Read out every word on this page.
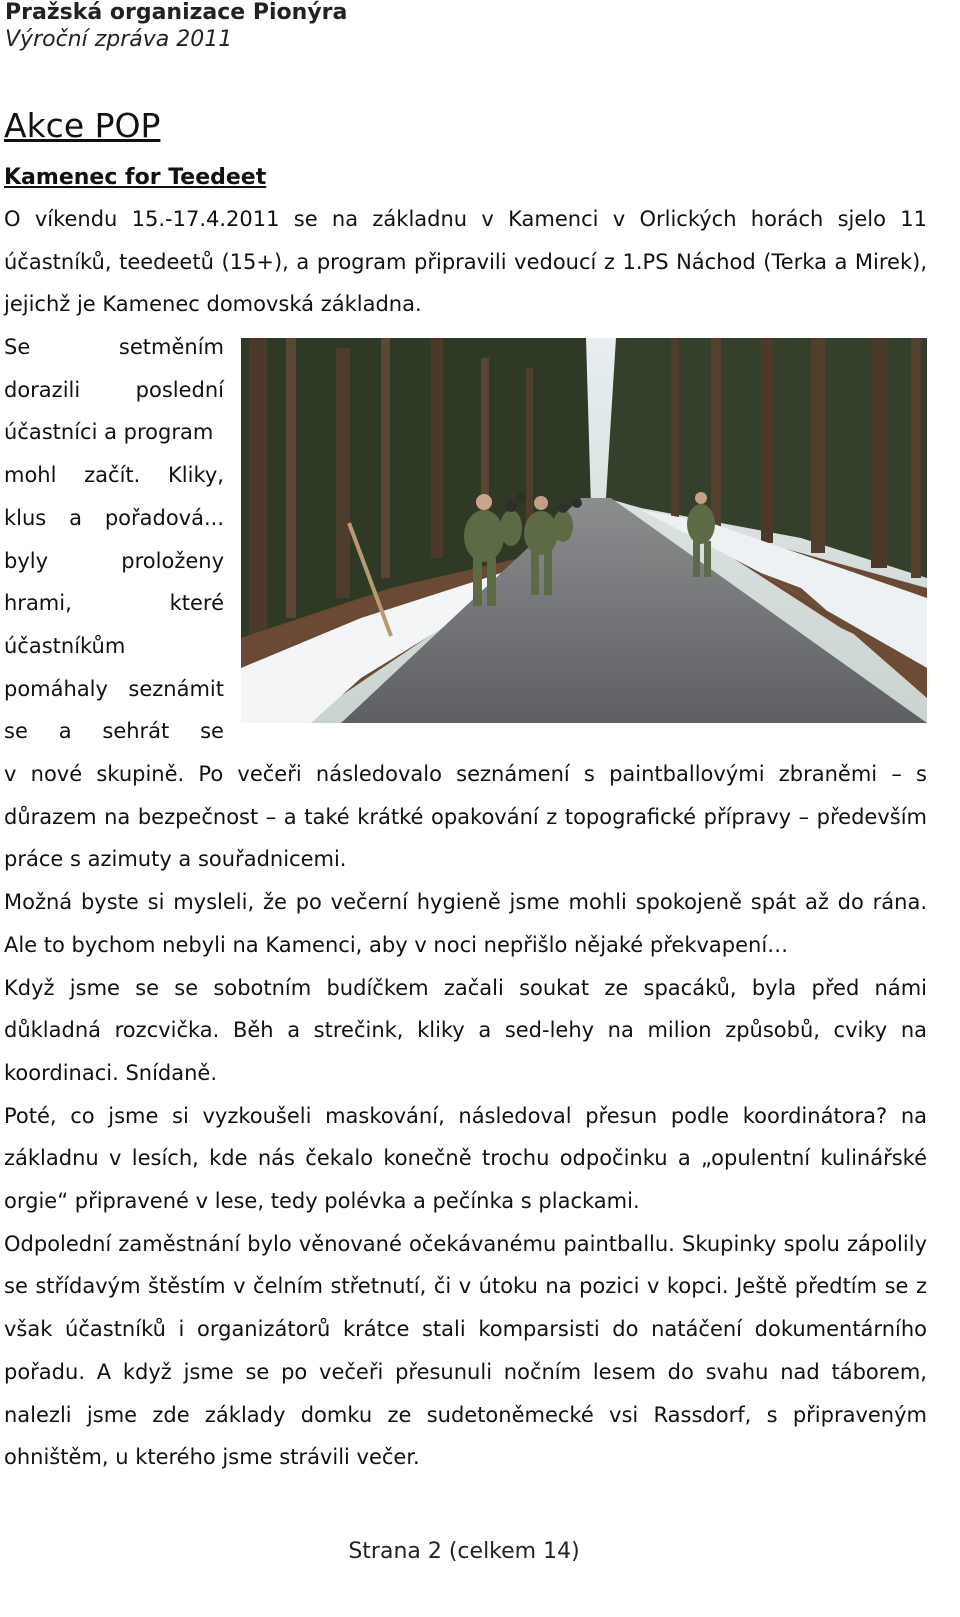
Pražská organizace Pionýra
Výroční zpráva 2011
Akce POP
Kamenec for Teedeet

O víkendu 15.-17.4.2011 se na základnu v Kamenci v Orlických horách sjelo 11 účastníků, teedeetů (15+), a program připravili vedoucí z 1.PS Náchod (Terka a Mirek), jejichž je Kamenec domovská základna.

Se	setměním
dorazili	poslední
účastníci a program
mohl začít. Kliky,
klus a pořadová...
byly	proloženy
hrami,	které
účastníkům
pomáhaly seznámit
se a sehrát se

v nové skupině. Po večeři následovalo seznámení s paintballovými zbraněmi – s důrazem na bezpečnost – a také krátké opakování z topografické přípravy – především práce s azimuty a souřadnicemi.

Možná byste si mysleli, že po večerní hygieně jsme mohli spokojeně spát až do rána. Ale to bychom nebyli na Kamenci, aby v noci nepřišlo nějaké překvapení…

Když jsme se se sobotním budíčkem začali soukat ze spacáků, byla před námi důkladná rozcvička. Běh a strečink, kliky a sed-lehy na milion způsobů, cviky na koordinaci. Snídaně.

Poté, co jsme si vyzkoušeli maskování, následoval přesun podle koordinátora? na základnu v lesích, kde nás čekalo konečně trochu odpočinku a „opulentní kulinářské orgie“ připravené v lese, tedy polévka a pečínka s plackami.

Odpolední zaměstnání bylo věnované očekávanému paintballu. Skupinky spolu zápolily se střídavým štěstím v čelním střetnutí, či v útoku na pozici v kopci. Ještě předtím se z však účastníků i organizátorů krátce stali komparsisti do natáčení dokumentárního pořadu. A když jsme se po večeři přesunuli nočním lesem do svahu nad táborem, nalezli jsme zde základy domku ze sudetoněmecké vsi Rassdorf, s připraveným ohništěm, u kterého jsme strávili večer.

Strana 2 (celkem 14)
